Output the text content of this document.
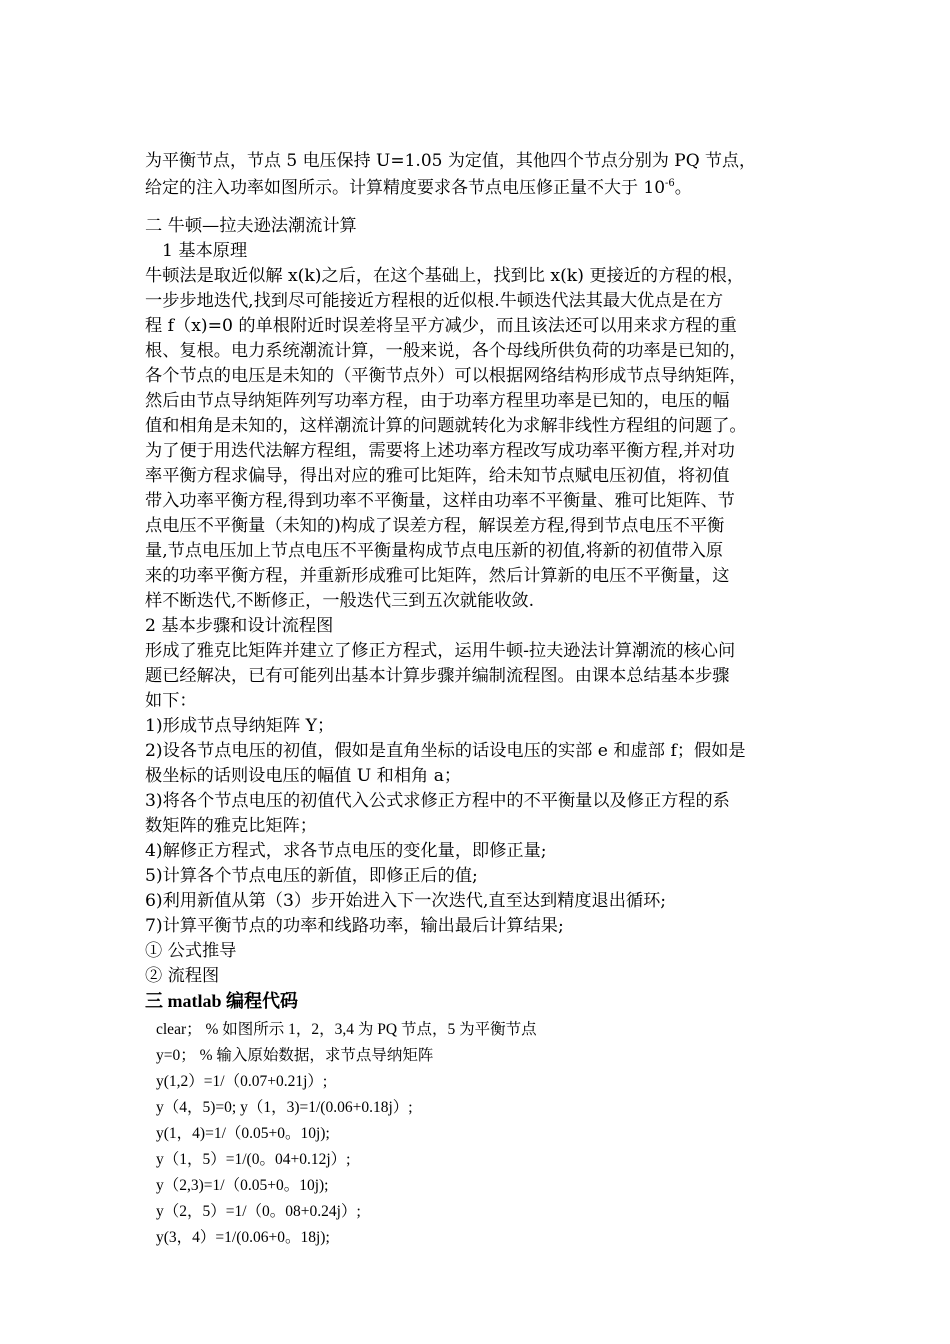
为平衡节点，节点 5 电压保持 U=1.05 为定值，其他四个节点分别为 PQ 节点，
给定的注入功率如图所示。计算精度要求各节点电压修正量不大于 $10^{-6}$。
二 牛顿—拉夫逊法潮流计算
1 基本原理
牛顿法是取近似解 x(k)之后，在这个基础上，找到比 x(k) 更接近的方程的根，
一步步地迭代,找到尽可能接近方程根的近似根.牛顿迭代法其最大优点是在方
程 f（x)=0 的单根附近时误差将呈平方减少，而且该法还可以用来求方程的重
根、复根。电力系统潮流计算，一般来说，各个母线所供负荷的功率是已知的，
各个节点的电压是未知的（平衡节点外）可以根据网络结构形成节点导纳矩阵，
然后由节点导纳矩阵列写功率方程，由于功率方程里功率是已知的，电压的幅
值和相角是未知的，这样潮流计算的问题就转化为求解非线性方程组的问题了。
为了便于用迭代法解方程组，需要将上述功率方程改写成功率平衡方程,并对功
率平衡方程求偏导，得出对应的雅可比矩阵，给未知节点赋电压初值，将初值
带入功率平衡方程,得到功率不平衡量，这样由功率不平衡量、雅可比矩阵、节
点电压不平衡量（未知的)构成了误差方程，解误差方程,得到节点电压不平衡
量,节点电压加上节点电压不平衡量构成节点电压新的初值,将新的初值带入原
来的功率平衡方程，并重新形成雅可比矩阵，然后计算新的电压不平衡量，这
样不断迭代,不断修正，一般迭代三到五次就能收敛.
2 基本步骤和设计流程图
形成了雅克比矩阵并建立了修正方程式，运用牛顿-拉夫逊法计算潮流的核心问
题已经解决，已有可能列出基本计算步骤并编制流程图。由课本总结基本步骤
如下：
1)形成节点导纳矩阵 Y；
2)设各节点电压的初值，假如是直角坐标的话设电压的实部 e 和虚部 f；假如是
极坐标的话则设电压的幅值 U 和相角 a；
3)将各个节点电压的初值代入公式求修正方程中的不平衡量以及修正方程的系
数矩阵的雅克比矩阵；
4)解修正方程式，求各节点电压的变化量，即修正量;
5)计算各个节点电压的新值，即修正后的值;
6)利用新值从第（3）步开始进入下一次迭代,直至达到精度退出循环;
7)计算平衡节点的功率和线路功率，输出最后计算结果;
① 公式推导
② 流程图
三 matlab 编程代码
clear； % 如图所示 1，2，3,4 为 PQ 节点，5 为平衡节点
y=0； % 输入原始数据，求节点导纳矩阵
y(1,2）=1/（0.07+0.21j）;
y（4，5)=0; y（1，3)=1/(0.06+0.18j）;
y(1，4)=1/（0.05+0。10j);
y（1，5）=1/(0。04+0.12j）;
y（2,3)=1/（0.05+0。10j);
y（2，5）=1/（0。08+0.24j）;
y(3，4）=1/(0.06+0。18j);
